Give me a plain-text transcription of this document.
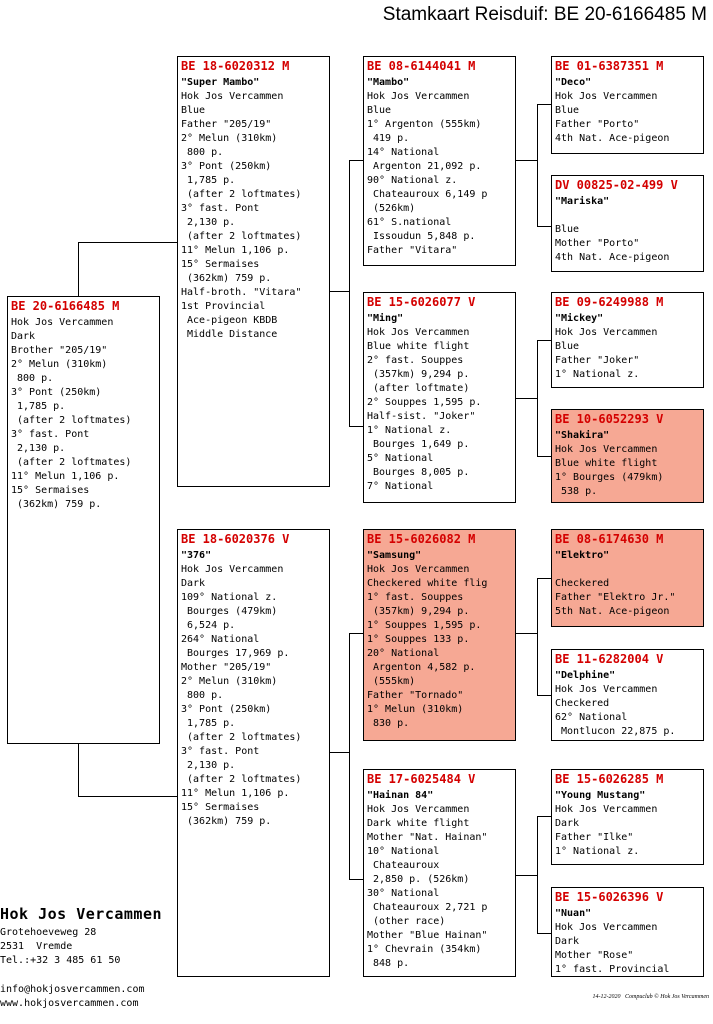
Stamkaart Reisduif: BE 20-6166485 M
BE 20-6166485 M
Hok Jos Vercammen
Dark
Brother "205/19"
2° Melun (310km)
800 p.
3° Pont (250km)
1,785 p.
(after 2 loftmates)
3° fast. Pont
2,130 p.
(after 2 loftmates)
11° Melun 1,106 p.
15° Sermaises
(362km) 759 p.
BE 18-6020312 M
"Super Mambo"
Hok Jos Vercammen
Blue
Father "205/19"
2° Melun (310km)
800 p.
3° Pont (250km)
1,785 p.
(after 2 loftmates)
3° fast. Pont
2,130 p.
(after 2 loftmates)
11° Melun 1,106 p.
15° Sermaises
(362km) 759 p.
Half-broth. "Vitara"
1st Provincial
Ace-pigeon KBDB
Middle Distance
BE 18-6020376 V
"376"
Hok Jos Vercammen
Dark
109° National z.
Bourges (479km)
6,524 p.
264° National
Bourges 17,969 p.
Mother "205/19"
2° Melun (310km)
800 p.
3° Pont (250km)
1,785 p.
(after 2 loftmates)
3° fast. Pont
2,130 p.
(after 2 loftmates)
11° Melun 1,106 p.
15° Sermaises
(362km) 759 p.
BE 08-6144041 M
"Mambo"
Hok Jos Vercammen
Blue
1° Argenton (555km)
419 p.
14° National
Argenton 21,092 p.
90° National z.
Chateauroux 6,149 p
(526km)
61° S.national
Issoudun 5,848 p.
Father "Vitara"
BE 15-6026077 V
"Ming"
Hok Jos Vercammen
Blue white flight
2° fast. Souppes
(357km) 9,294 p.
(after loftmate)
2° Souppes 1,595 p.
Half-sist. "Joker"
1° National z.
Bourges 1,649 p.
5° National
Bourges 8,005 p.
7° National
BE 15-6026082 M
"Samsung"
Hok Jos Vercammen
Checkered white flig
1° fast. Souppes
(357km) 9,294 p.
1° Souppes 1,595 p.
1° Souppes 133 p.
20° National
Argenton 4,582 p.
(555km)
Father "Tornado"
1° Melun (310km)
830 p.
BE 17-6025484 V
"Hainan 84"
Hok Jos Vercammen
Dark white flight
Mother "Nat. Hainan"
10° National
Chateauroux
2,850 p. (526km)
30° National
Chateauroux 2,721 p
(other race)
Mother "Blue Hainan"
1° Chevrain (354km)
848 p.
BE 01-6387351 M
"Deco"
Hok Jos Vercammen
Blue
Father "Porto"
4th Nat. Ace-pigeon
DV 00825-02-499 V
"Mariska"

Blue
Mother "Porto"
4th Nat. Ace-pigeon
BE 09-6249988 M
"Mickey"
Hok Jos Vercammen
Blue
Father "Joker"
1° National z.
BE 10-6052293 V
"Shakira"
Hok Jos Vercammen
Blue white flight
1° Bourges (479km)
538 p.
BE 08-6174630 M
"Elektro"

Checkered
Father "Elektro Jr."
5th Nat. Ace-pigeon
BE 11-6282004 V
"Delphine"
Hok Jos Vercammen
Checkered
62° National
Montlucon 22,875 p.
BE 15-6026285 M
"Young Mustang"
Hok Jos Vercammen
Dark
Father "Ilke"
1° National z.
BE 15-6026396 V
"Nuan"
Hok Jos Vercammen
Dark
Mother "Rose"
1° fast. Provincial
Hok Jos Vercammen
Grotehoeveweg 28
2531  Vremde
Tel.:+32 3 485 61 50
info@hokjosvercammen.com
www.hokjosvercammen.com
14-12-2020   Compuclub © Hok Jos Vercammen
